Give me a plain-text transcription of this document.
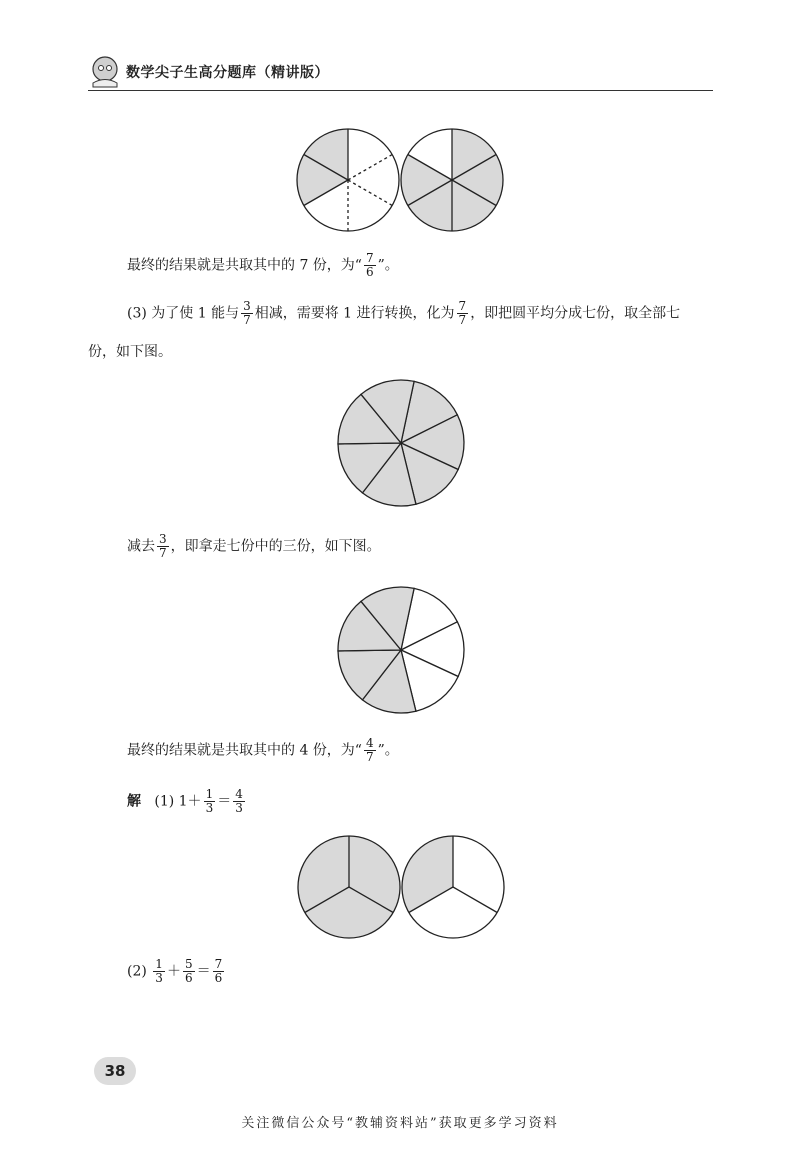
数学尖子生高分题库（精讲版）
最终的结果就是共取其中的 7 份，为“ $\frac{7}{6}$ ”。
(3) 为了使 1 能与 $\frac{3}{7}$ 相减，需要将 1 进行转换，化为 $\frac{7}{7}$ ，即把圆平均分成七份，取全部七
份，如下图。
减去 $\frac{3}{7}$ ，即拿走七份中的三份，如下图。
最终的结果就是共取其中的 4 份，为“ $\frac{4}{7}$ ”。
解 (1) $1+ \frac{1}{3} = \frac{4}{3}$
$(2) \frac{1}{3} + \frac{5}{6} = \frac{7}{6}$
38
关注微信公众号“教辅资料站”获取更多学习资料
